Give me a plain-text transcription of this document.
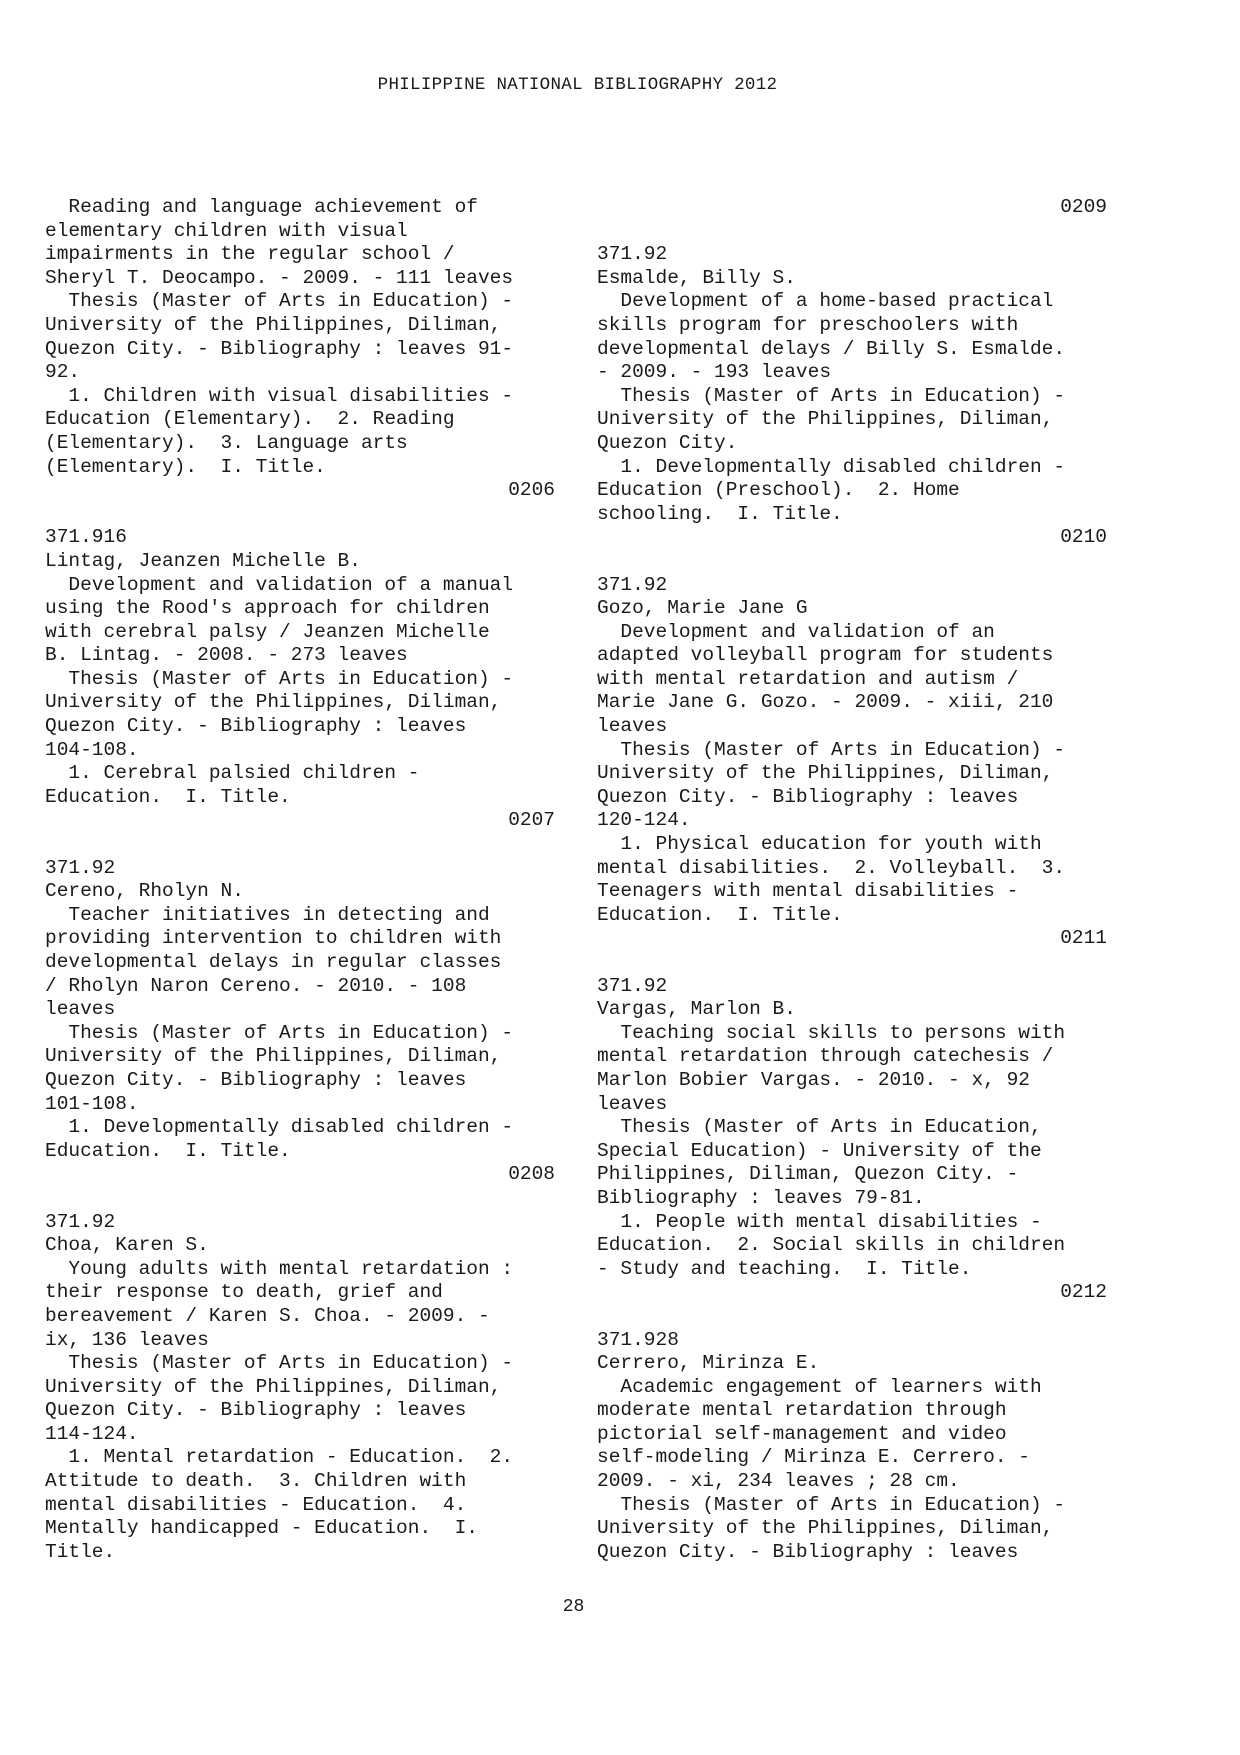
PHILIPPINE NATIONAL BIBLIOGRAPHY 2012
Reading and language achievement of
elementary children with visual
impairments in the regular school /
Sheryl T. Deocampo. - 2009. - 111 leaves
Thesis (Master of Arts in Education) -
University of the Philippines, Diliman,
Quezon City. - Bibliography : leaves 91-
92.
1. Children with visual disabilities -
Education (Elementary).  2. Reading
(Elementary).  3. Language arts
(Elementary).  I. Title.
0206
371.916
Lintag, Jeanzen Michelle B.
Development and validation of a manual
using the Rood's approach for children
with cerebral palsy / Jeanzen Michelle
B. Lintag. - 2008. - 273 leaves
Thesis (Master of Arts in Education) -
University of the Philippines, Diliman,
Quezon City. - Bibliography : leaves
104-108.
1. Cerebral palsied children -
Education.  I. Title.
0207
371.92
Cereno, Rholyn N.
Teacher initiatives in detecting and
providing intervention to children with
developmental delays in regular classes
/ Rholyn Naron Cereno. - 2010. - 108
leaves
Thesis (Master of Arts in Education) -
University of the Philippines, Diliman,
Quezon City. - Bibliography : leaves
101-108.
1. Developmentally disabled children -
Education.  I. Title.
0208
371.92
Choa, Karen S.
Young adults with mental retardation :
their response to death, grief and
bereavement / Karen S. Choa. - 2009. -
ix, 136 leaves
Thesis (Master of Arts in Education) -
University of the Philippines, Diliman,
Quezon City. - Bibliography : leaves
114-124.
1. Mental retardation - Education.  2.
Attitude to death.  3. Children with
mental disabilities - Education.  4.
Mentally handicapped - Education.  I.
Title.
0209
371.92
Esmalde, Billy S.
Development of a home-based practical
skills program for preschoolers with
developmental delays / Billy S. Esmalde.
- 2009. - 193 leaves
Thesis (Master of Arts in Education) -
University of the Philippines, Diliman,
Quezon City.
1. Developmentally disabled children -
Education (Preschool).  2. Home
schooling.  I. Title.
0210
371.92
Gozo, Marie Jane G
Development and validation of an
adapted volleyball program for students
with mental retardation and autism /
Marie Jane G. Gozo. - 2009. - xiii, 210
leaves
Thesis (Master of Arts in Education) -
University of the Philippines, Diliman,
Quezon City. - Bibliography : leaves
120-124.
1. Physical education for youth with
mental disabilities.  2. Volleyball.  3.
Teenagers with mental disabilities -
Education.  I. Title.
0211
371.92
Vargas, Marlon B.
Teaching social skills to persons with
mental retardation through catechesis /
Marlon Bobier Vargas. - 2010. - x, 92
leaves
Thesis (Master of Arts in Education,
Special Education) - University of the
Philippines, Diliman, Quezon City. -
Bibliography : leaves 79-81.
1. People with mental disabilities -
Education.  2. Social skills in children
- Study and teaching.  I. Title.
0212
371.928
Cerrero, Mirinza E.
Academic engagement of learners with
moderate mental retardation through
pictorial self-management and video
self-modeling / Mirinza E. Cerrero. -
2009. - xi, 234 leaves ; 28 cm.
Thesis (Master of Arts in Education) -
University of the Philippines, Diliman,
Quezon City. - Bibliography : leaves
28
